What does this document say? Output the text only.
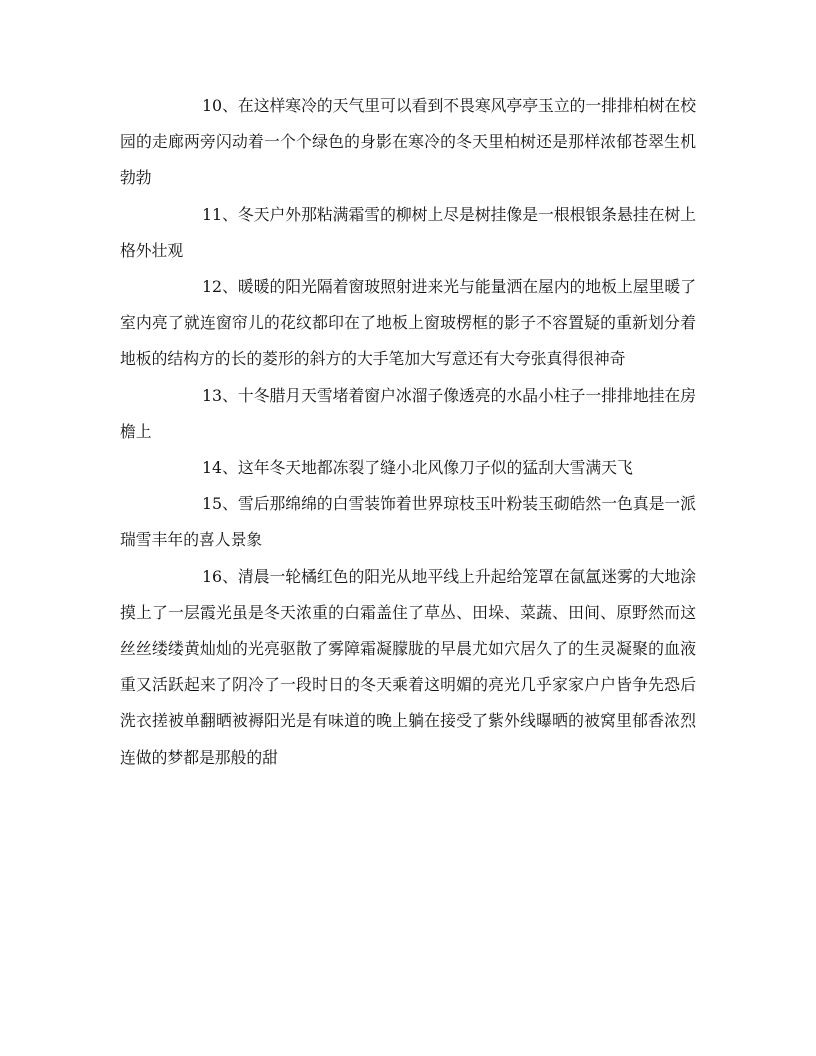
10、在这样寒冷的天气里可以看到不畏寒风亭亭玉立的一排排柏树在校园的走廊两旁闪动着一个个绿色的身影在寒冷的冬天里柏树还是那样浓郁苍翠生机勃勃

11、冬天户外那粘满霜雪的柳树上尽是树挂像是一根根银条悬挂在树上格外壮观

12、暖暖的阳光隔着窗玻照射进来光与能量洒在屋内的地板上屋里暖了室内亮了就连窗帘儿的花纹都印在了地板上窗玻楞框的影子不容置疑的重新划分着地板的结构方的长的菱形的斜方的大手笔加大写意还有大夸张真得很神奇

13、十冬腊月天雪堵着窗户冰溜子像透亮的水晶小柱子一排排地挂在房檐上

14、这年冬天地都冻裂了缝小北风像刀子似的猛刮大雪满天飞

15、雪后那绵绵的白雪装饰着世界琼枝玉叶粉装玉砌皓然一色真是一派瑞雪丰年的喜人景象

16、清晨一轮橘红色的阳光从地平线上升起给笼罩在氤氲迷雾的大地涂摸上了一层霞光虽是冬天浓重的白霜盖住了草丛、田垛、菜蔬、田间、原野然而这丝丝缕缕黄灿灿的光亮驱散了雾障霜凝朦胧的早晨尤如穴居久了的生灵凝聚的血液重又活跃起来了阴冷了一段时日的冬天乘着这明媚的亮光几乎家家户户皆争先恐后洗衣搓被单翻晒被褥阳光是有味道的晚上躺在接受了紫外线曝晒的被窝里郁香浓烈连做的梦都是那般的甜
